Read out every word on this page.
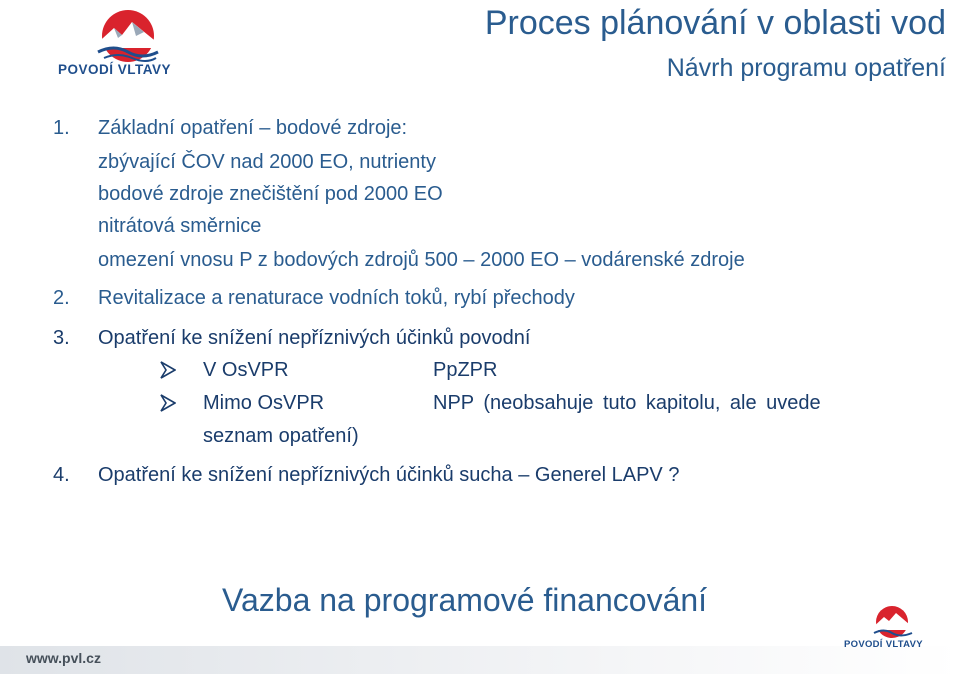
POVODÍ VLTAVY
Proces plánování v oblasti vod
Návrh programu opatření
1. Základní opatření – bodové zdroje:
zbývající ČOV nad 2000 EO, nutrienty
bodové zdroje znečištění pod 2000 EO
nitrátová směrnice
omezení vnosu P z bodových zdrojů 500 – 2000 EO – vodárenské zdroje
2. Revitalizace a renaturace vodních toků, rybí přechody
3. Opatření ke snížení nepříznivých účinků povodní
V OsVPR	PpZPR
Mimo OsVPR	NPP (neobsahuje tuto kapitolu, ale uvede
seznam opatření)
4. Opatření ke snížení nepříznivých účinků sucha – Generel LAPV ?
Vazba na programové financování
www.pvl.cz
POVODÍ VLTAVY
